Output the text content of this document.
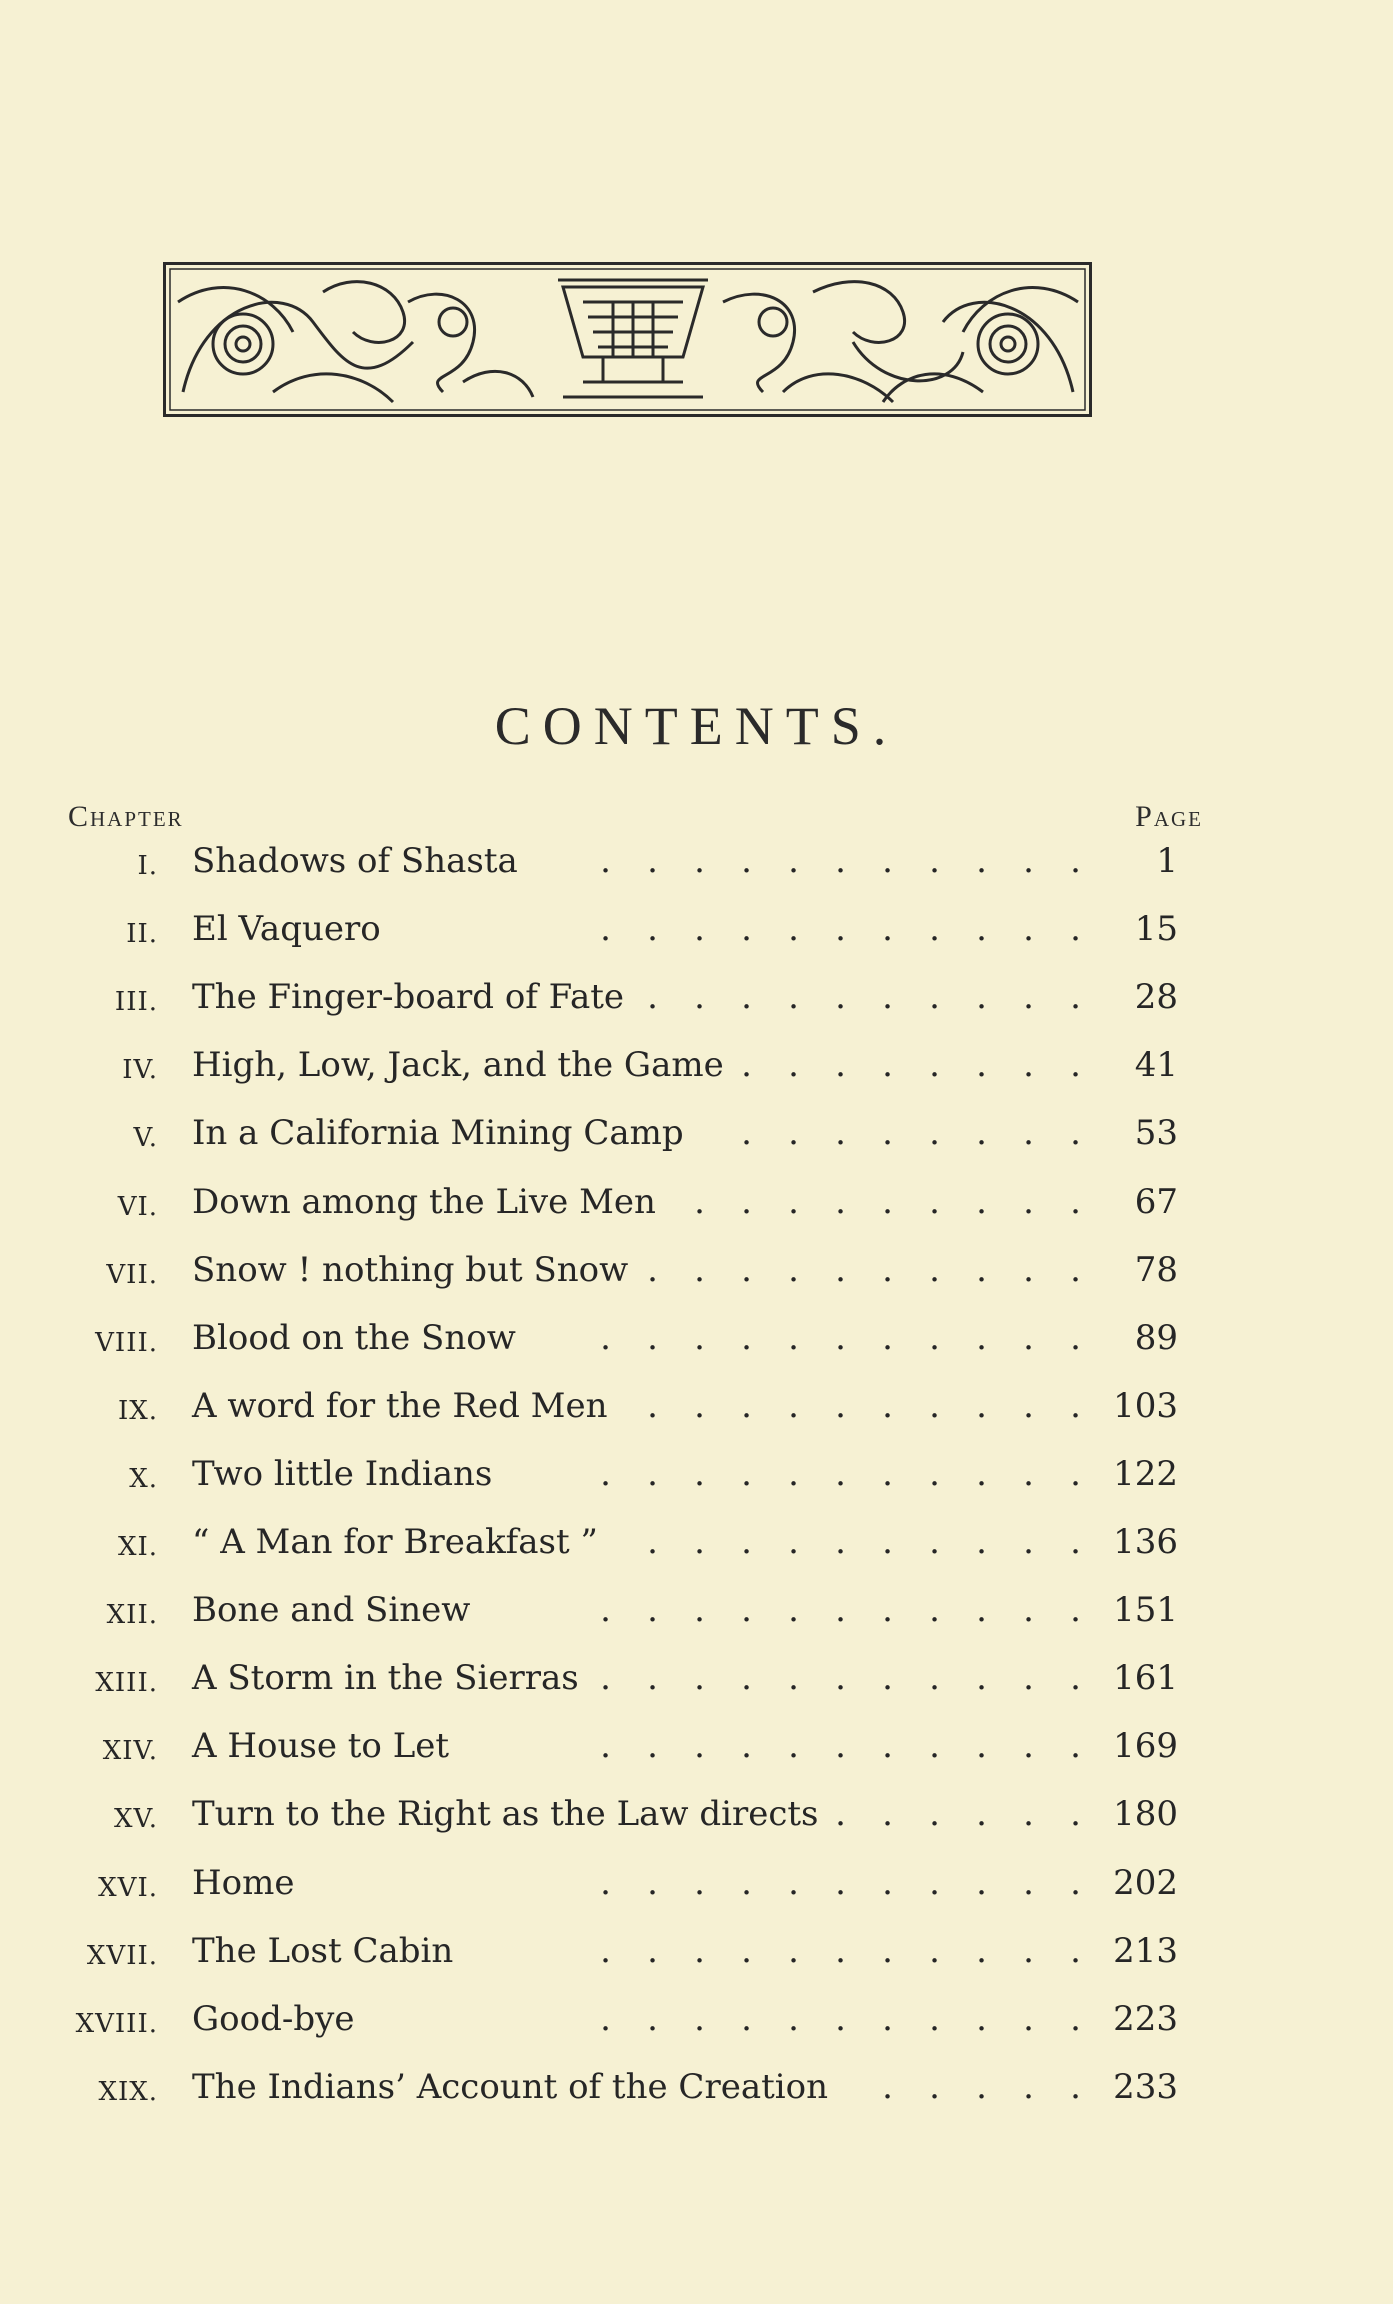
CONTENTS.
Chapter	Page
I. Shadows of Shasta	. . . . . . . . . . .	1
II. El Vaquero	. . . . . . . . . . .	15
III. The Finger-board of Fate . . . . . . . . . .	28
IV. High, Low, Jack, and the Game . . . . . . . .	41
V. In a California Mining Camp	. . . . . . . .	53
VI. Down among the Live Men	. . . . . . . . .	67
VII. Snow ! nothing but Snow . . . . . . . . . .	78
VIII. Blood on the Snow	. . . . . . . . . . .	89
IX. A word for the Red Men	. . . . . . . . . . 103
X. Two little Indians	. . . . . . . . . . . 122
XI. “ A Man for Breakfast ”	. . . . . . . . . . 136
XII. Bone and Sinew	. . . . . . . . . . . 151
XIII. A Storm in the Sierras . . . . . . . . . . . 161
XIV. A House to Let	. . . . . . . . . . . 169
XV. Turn to the Right as the Law directs . . . . . . 180
XVI. Home	. . . . . . . . . . . 202
XVII. The Lost Cabin	. . . . . . . . . . . 213
XVIII. Good-bye	. . . . . . . . . . . 223
XIX. The Indians’ Account of the Creation	. . . . . 233
